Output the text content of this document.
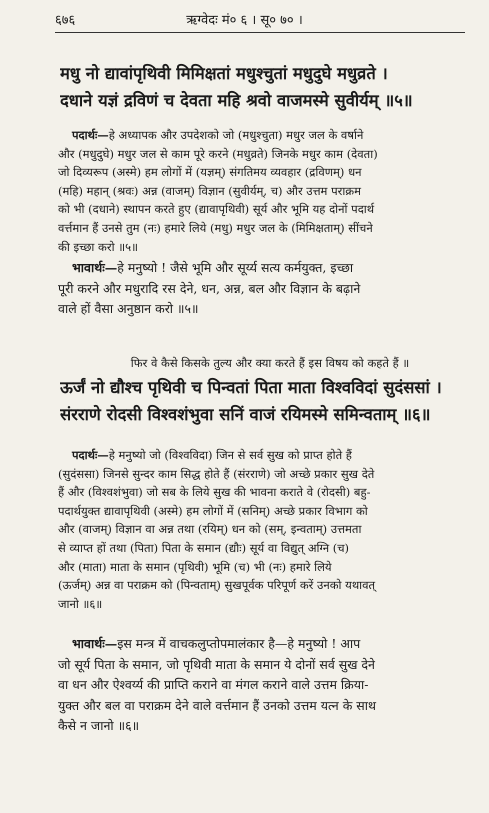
६७६	ऋग्वेदः मं० ६ । सू० ७० ।
मधु नो द्यावांपृथिवी मिमिक्षतां मधुश्चुतां मधुदुघे मधुव्रते ।
दधाने यज्ञं द्रविणं च देवता महि श्रवो वाजमस्मे सुवीर्यम् ॥५॥
पदार्थः—हे अध्यापक और उपदेशको जो (मधुश्चुता) मधुर जल के वर्षाने
और (मधुदुघे) मधुर जल से काम पूरे करने (मधुव्रते) जिनके मधुर काम (देवता)
जो दिव्यरूप (अस्मे) हम लोगों में (यज्ञम्) संगतिमय व्यवहार (द्रविणम्) धन
(महि) महान् (श्रवः) अन्न (वाजम्) विज्ञान (सुवीर्यम्, च) और उत्तम पराक्रम
को भी (दधाने) स्थापन करते हुए (द्यावापृथिवी) सूर्य और भूमि यह दोनों पदार्थ
वर्त्तमान हैं उनसे तुम (नः) हमारे लिये (मधु) मधुर जल के (मिमिक्षताम्) सींचने
की इच्छा करो ॥५॥
भावार्थः—हे मनुष्यो ! जैसे भूमि और सूर्य्य सत्य कर्मयुक्त, इच्छा
पूरी करने और मधुरादि रस देने, धन, अन्न, बल और विज्ञान के बढ़ाने
वाले हों वैसा अनुष्ठान करो ॥५॥
फिर वे कैसे किसके तुल्य और क्या करते हैं इस विषय को कहते हैं ॥
ऊर्जं नो द्यौश्च पृथिवी च पिन्वतां पिता माता विश्वविदां सुदंससां ।
संरराणे रोदसी विश्वशंभुवा सनिं वाजं रयिमस्मे समिन्वताम् ॥६॥
पदार्थः—हे मनुष्यो जो (विश्वविदा) जिन से सर्व सुख को प्राप्त होते हैं
(सुदंससा) जिनसे सुन्दर काम सिद्ध होते हैं (संरराणे) जो अच्छे प्रकार सुख देते
हैं और (विश्वशंभुवा) जो सब के लिये सुख की भावना कराते वे (रोदसी) बहु-
पदार्थयुक्त द्यावापृथिवी (अस्मे) हम लोगों में (सनिम्) अच्छे प्रकार विभाग को
और (वाजम्) विज्ञान वा अन्न तथा (रयिम्) धन को (सम्, इन्वताम्) उत्तमता
से व्याप्त हों तथा (पिता) पिता के समान (द्यौः) सूर्य वा विद्युत् अग्नि (च)
और (माता) माता के समान (पृथिवी) भूमि (च) भी (नः) हमारे लिये
(ऊर्जम्) अन्न वा पराक्रम को (पिन्वताम्) सुखपूर्वक परिपूर्ण करें उनको यथावत्
जानो ॥६॥
भावार्थः—इस मन्त्र में वाचकलुप्तोपमालंकार है—हे मनुष्यो ! आप
जो सूर्य पिता के समान, जो पृथिवी माता के समान ये दोनों सर्व सुख देने
वा धन और ऐश्वर्य्य की प्राप्ति कराने वा मंगल कराने वाले उत्तम क्रिया-
युक्त और बल वा पराक्रम देने वाले वर्त्तमान हैं उनको उत्तम यत्न के साथ
कैसे न जानो ॥६॥
